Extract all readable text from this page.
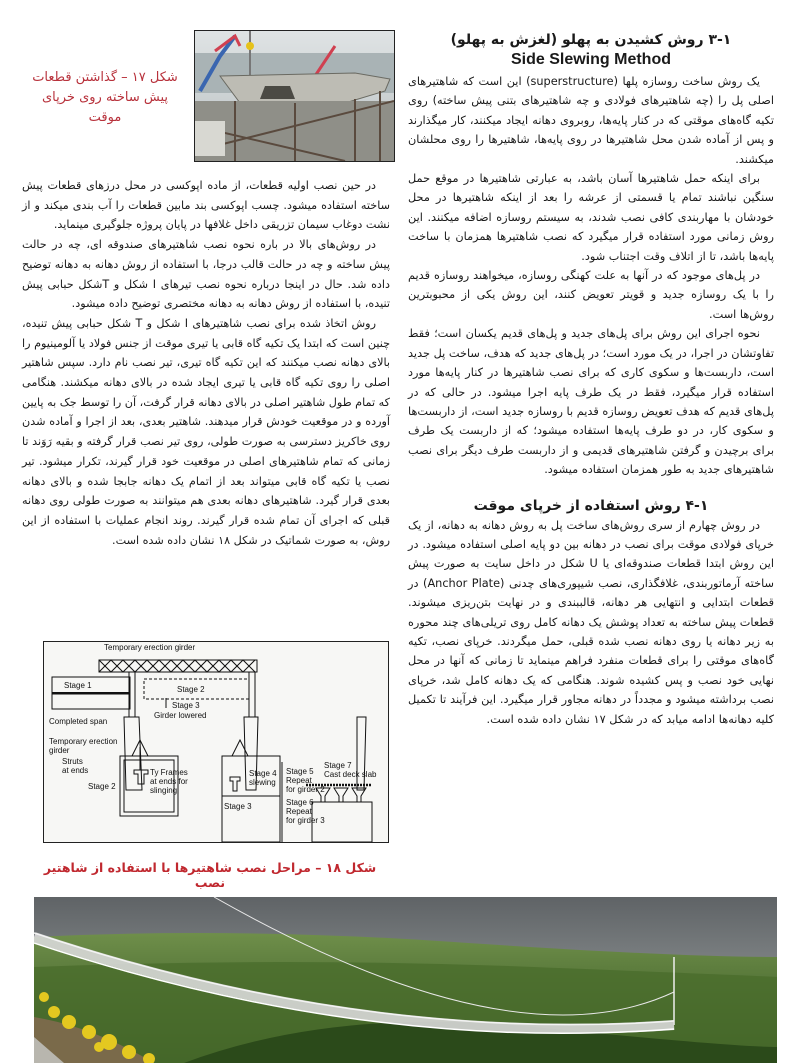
۳-۱ روش کشیدن به پهلو (لغزش به پهلو)
Side Slewing Method

یک روش ساخت روسازه پلها (superstructure) این است که شاهتیرهای اصلی پل را (چه شاهتیرهای فولادی و چه شاهتیرهای بتنی پیش ساخته) روی تکیه گاه‌های موقتی که در کنار پایه‌ها، روبروی دهانه ایجاد میکنند، کار میگذارند و پس از آماده شدن محل شاهتیرها در روی پایه‌ها، شاهتیرها را روی محلشان میکشند.

برای اینکه حمل شاهتیرها آسان باشد، به عبارتی شاهتیرها در موقع حمل سنگین نباشند تمام یا قسمتی از عرشه را بعد از اینکه شاهتیرها در محل خودشان با مهاربندی کافی نصب شدند، به سیستم روسازه اضافه میکنند. این روش زمانی مورد استفاده قرار میگیرد که نصب شاهتیرها همزمان با ساخت پایه‌ها باشد، تا از اتلاف وقت اجتناب شود.

در پل‌های موجود که در آنها به علت کهنگی روسازه، میخواهند روسازه قدیم را با یک روسازه جدید و قویتر تعویض کنند، این روش یکی از محبوبترین روش‌ها است.

نحوه اجرای این روش برای پل‌های جدید و پل‌های قدیم یکسان است؛ فقط تفاوتشان در اجرا، در یک مورد است؛ در پل‌های جدید که هدف، ساخت پل جدید است، داربست‌ها و سکوی کاری که برای نصب شاهتیرها در کنار پایه‌ها مورد استفاده قرار میگیرد، فقط در یک طرف پایه اجرا میشود. در حالی که در پل‌های قدیم که هدف تعویض روسازه قدیم با روسازه جدید است، از داربست‌ها و سکوی کار، در دو طرف پایه‌ها استفاده میشود؛ که از داربست یک طرف برای برچیدن و گرفتن شاهتیرهای قدیمی و از داربست طرف دیگر برای نصب شاهتیرهای جدید به طور همزمان استفاده میشود.

۴-۱ روش استفاده از خرپای موقت

در روش چهارم از سری روش‌های ساخت پل به روش دهانه به دهانه، از یک خرپای فولادی موقت برای نصب در دهانه بین دو پایه اصلی استفاده میشود. در این روش ابتدا قطعات صندوقه‌ای یا U شکل در داخل سایت به صورت پیش ساخته آرماتوربندی، غلافگذاری، نصب شیپوری‌های چدنی (Anchor Plate) در قطعات ابتدایی و انتهایی هر دهانه، قالببندی و در نهایت بتن‌ریزی میشوند. قطعات پیش ساخته به تعداد پوشش یک دهانه کامل روی تریلی‌های چند محوره به زیر دهانه یا روی دهانه نصب شده قبلی، حمل میگردند. خرپای نصب، تکیه گاه‌های موقتی را برای قطعات منفرد فراهم مینماید تا زمانی که آنها در محل نهایی خود نصب و پس کشیده شوند. هنگامی که یک دهانه کامل شد، خرپای نصب برداشته میشود و مجدداً در دهانه مجاور قرار میگیرد. این فرآیند تا تکمیل کلیه دهانه‌ها ادامه میابد که در شکل ۱۷ نشان داده شده است.

شکل ۱۷ – گذاشتن قطعات پیش ساخته روی خرپای موقت

در حین نصب اولیه قطعات، از ماده اپوکسی در محل درزهای قطعات پیش ساخته استفاده میشود. چسب اپوکسی بند مابین قطعات را آب بندی میکند و از نشت دوغاب سیمان تزریقی داخل غلافها در پایان پروژه جلوگیری مینماید.

در روش‌های بالا در باره نحوه نصب شاهتیرهای صندوقه ای، چه در حالت پیش ساخته و چه در حالت قالب درجا، با استفاده از روش دهانه به دهانه توضیح داده شد. حال در اینجا درباره نحوه نصب تیرهای I شکل و Tشکل حبابی پیش تنیده، با استفاده از روش دهانه به دهانه مختصری توضیح داده میشود.

روش اتخاذ شده برای نصب شاهتیرهای I شکل و T شکل حبابی پیش تنیده، چنین است که ابتدا یک تکیه گاه قابی یا تیری موقت از جنس فولاد یا آلومینیوم را بالای دهانه نصب میکنند که این تکیه گاه تیری، تیر نصب نام دارد. سپس شاهتیر اصلی را روی تکیه گاه قابی یا تیری ایجاد شده در بالای دهانه میکشند. هنگامی که تمام طول شاهتیر اصلی در بالای دهانه قرار گرفت، آن را توسط جک به پایین آورده و در موقعیت خودش قرار میدهند. شاهتیر بعدی، بعد از اجرا و آماده شدن روی خاکریز دسترسی به صورت طولی، روی تیر نصب قرار گرفته و بقیه رَوَند تا زمانی که تمام شاهتیرهای اصلی در موقعیت خود قرار گیرند، تکرار میشود. تیر نصب یا تکیه گاه قابی میتواند بعد از اتمام یک دهانه جابجا شده و بالای دهانه بعدی قرار گیرد. شاهتیرهای دهانه بعدی هم میتوانند به صورت طولی روی دهانه قبلی که اجرای آن تمام شده قرار گیرند. روند انجام عملیات با استفاده از این روش، به صورت شماتیک در شکل ۱۸ نشان داده شده است.

Temporary erection girder
Stage 1	Stage 2
Stage 3
Girder lowered
Completed span
Temporary erection
girder
Struts
at ends	Ty Frames
at ends for
slinging
Stage 2
Stage 4
slewing
Stage 3
Stage 5
Repeat
for girder 2
Stage 6
Repeat
for girder 3
Stage 7
Cast deck slab
شکل ۱۸ – مراحل نصب شاهتیرها با استفاده از شاهتیر نصب
